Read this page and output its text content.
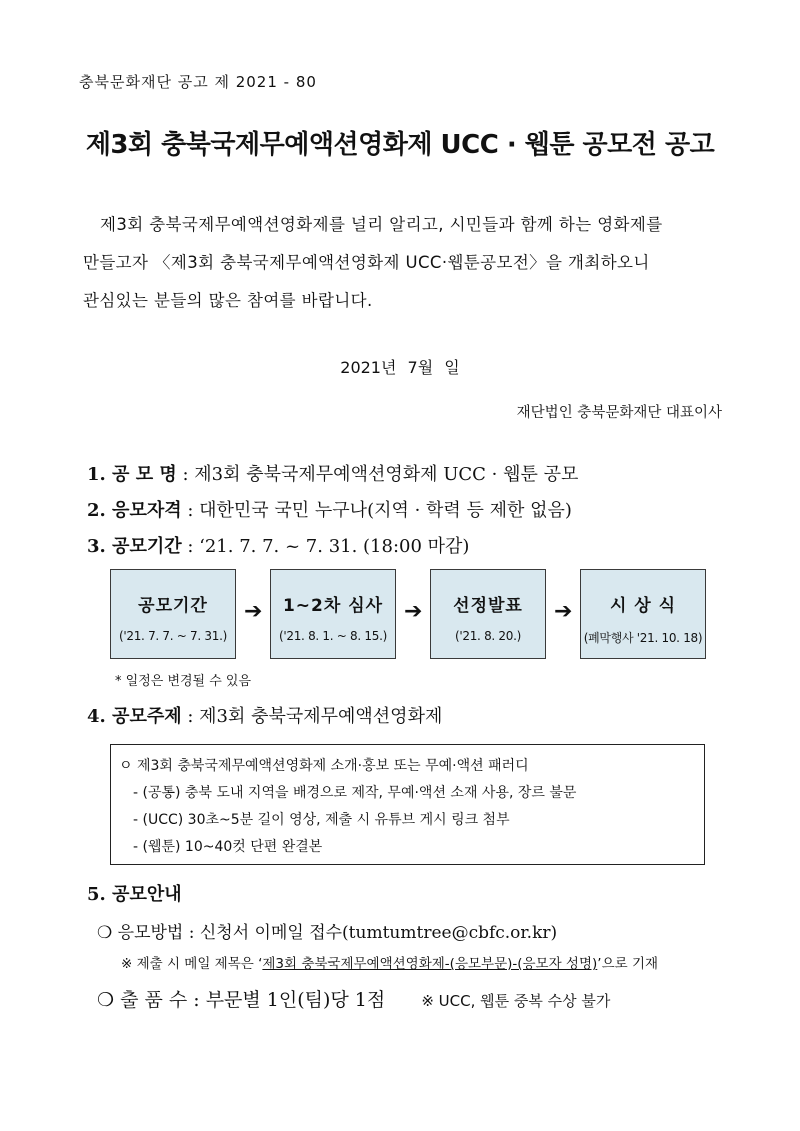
충북문화재단 공고 제 2021 - 80
제3회 충북국제무예액션영화제 UCC · 웹툰 공모전 공고
제3회 충북국제무예액션영화제를 널리 알리고, 시민들과 함께 하는 영화제를
만들고자 〈제3회 충북국제무예액션영화제 UCC·웹툰공모전〉을 개최하오니
관심있는 분들의 많은 참여를 바랍니다.
2021년 7월 일
재단법인 충북문화재단 대표이사
1. 공 모 명 : 제3회 충북국제무예액션영화제 UCC · 웹툰 공모
2. 응모자격 : 대한민국 국민 누구나(지역 · 학력 등 제한 없음)
3. 공모기간 : ‘21. 7. 7. ~ 7. 31. (18:00 마감)
공모기간
('21. 7. 7. ~ 7. 31.)
➔	1~2차 심사
('21. 8. 1. ~ 8. 15.)
➔	선정발표
('21. 8. 20.)
➔	시 상 식
(폐막행사 '21. 10. 18)
* 일정은 변경될 수 있음
4. 공모주제 : 제3회 충북국제무예액션영화제
ㅇ 제3회 충북국제무예액션영화제 소개·홍보 또는 무예·액션 패러디
- (공통) 충북 도내 지역을 배경으로 제작, 무예·액션 소재 사용, 장르 불문
- (UCC) 30초~5분 길이 영상, 제출 시 유튜브 게시 링크 첨부
- (웹툰) 10~40컷 단편 완결본
5. 공모안내
❍ 응모방법 : 신청서 이메일 접수(tumtumtree@cbfc.or.kr)
※ 제출 시 메일 제목은 ‘제3회 충북국제무예액션영화제-(응모부문)-(응모자 성명)’으로 기재
❍ 출 품 수 : 부문별 1인(팀)당 1점 ※ UCC, 웹툰 중복 수상 불가
